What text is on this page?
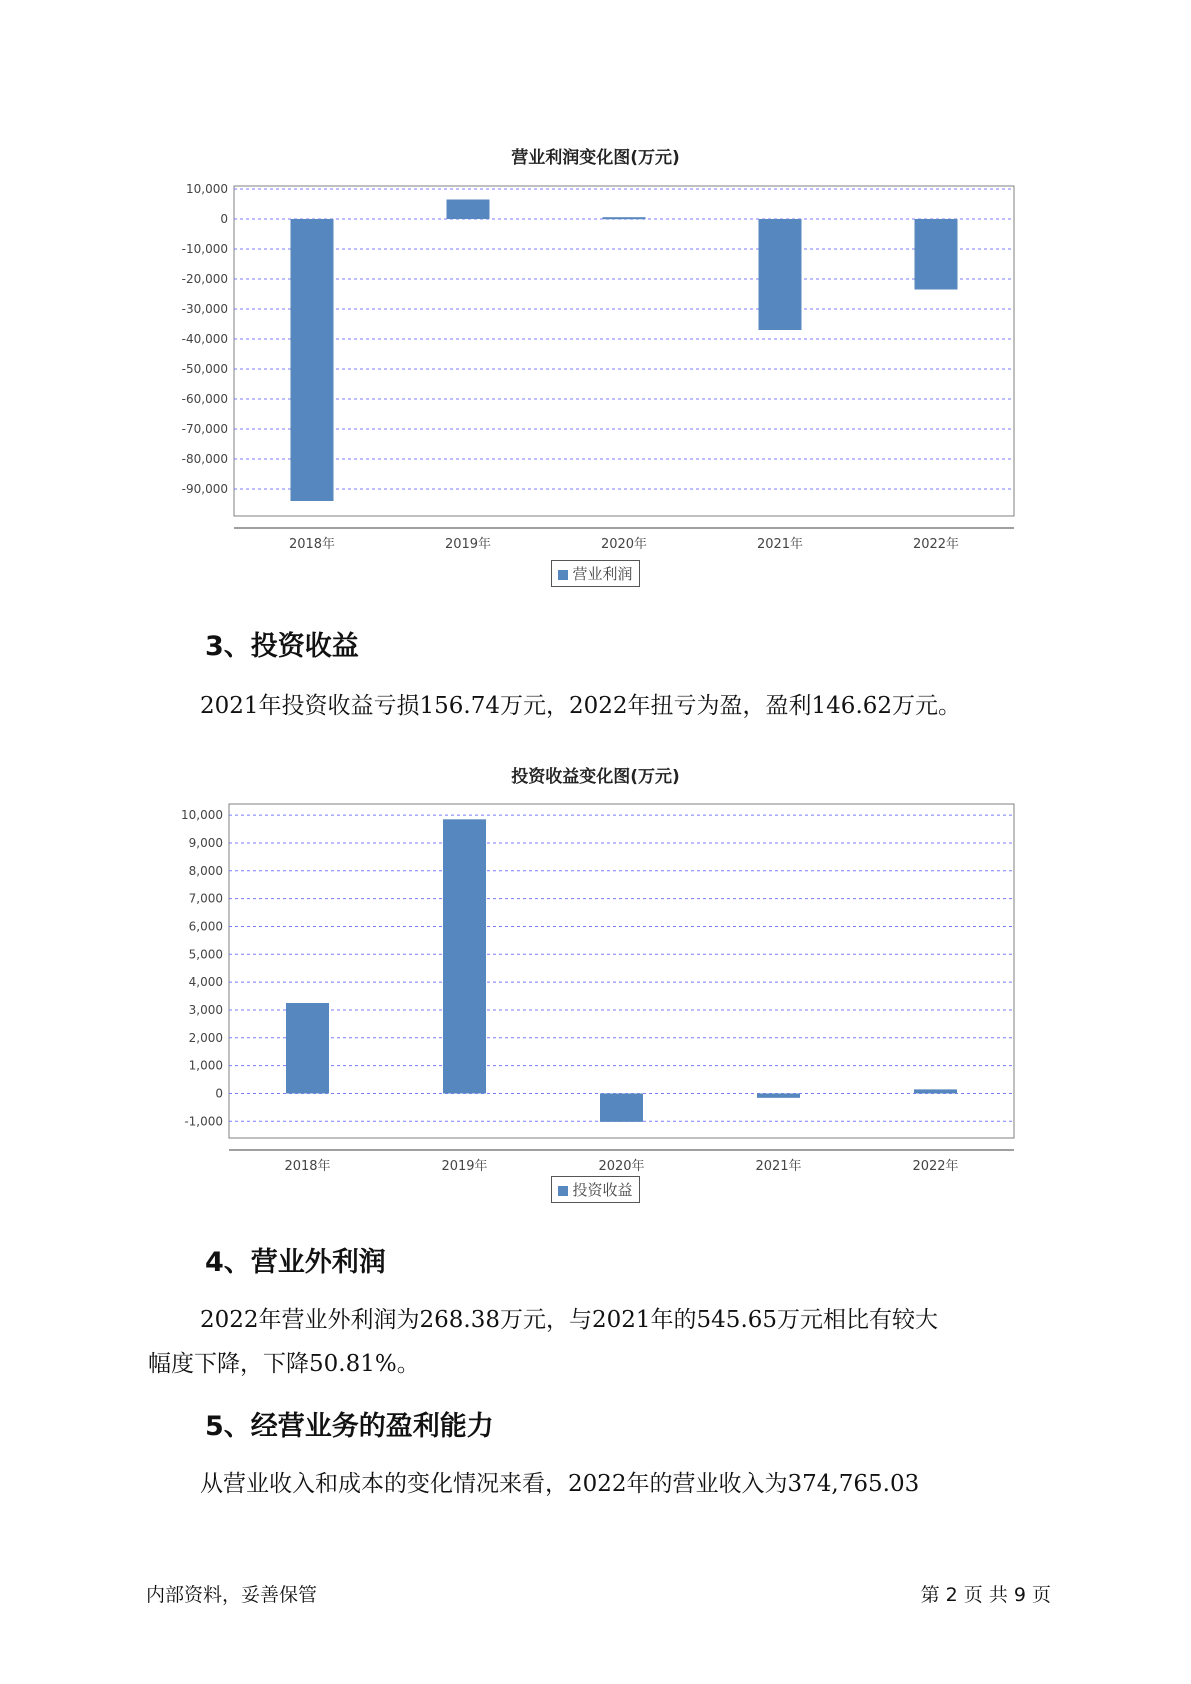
营业利润变化图(万元)
10,000
0
-10,000
-20,000
-30,000
-40,000
-50,000
-60,000
-70,000
-80,000
-90,000
2018年	2019年	2020年	2021年	2022年
营业利润
3、投资收益

2021年投资收益亏损156.74万元，2022年扭亏为盈，盈利146.62万元。

投资收益变化图(万元)
10,000
9,000
8,000
7,000
6,000
5,000
4,000
3,000
2,000
1,000
0
-1,000
2018年	2019年	2020年	2021年	2022年
投资收益
4、营业外利润

2022年营业外利润为268.38万元，与2021年的545.65万元相比有较大
幅度下降，下降50.81%。

5、经营业务的盈利能力

从营业收入和成本的变化情况来看，2022年的营业收入为374,765.03

内部资料，妥善保管	第 2 页 共 9 页
